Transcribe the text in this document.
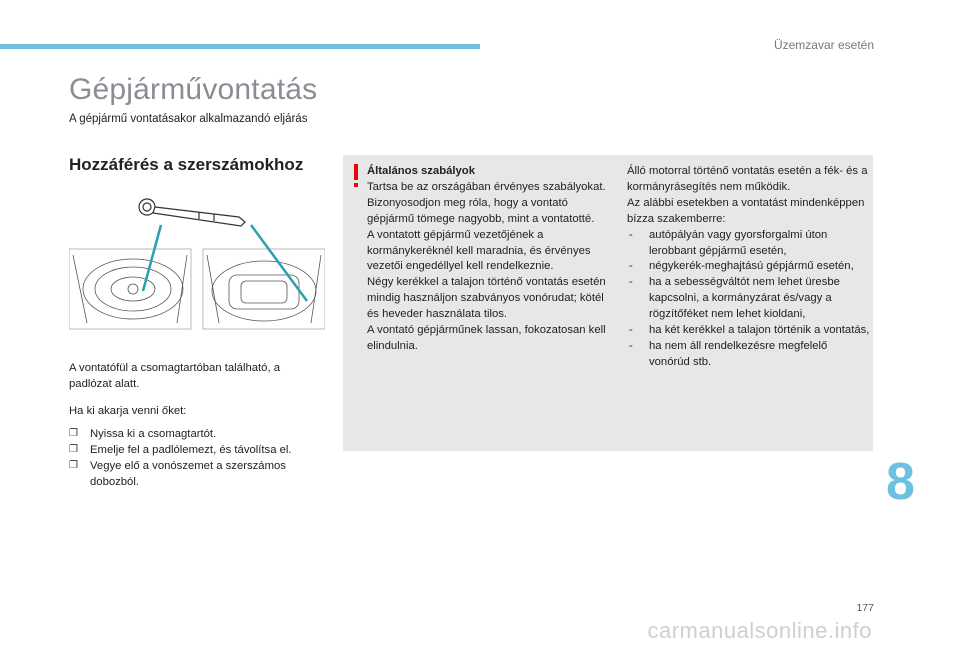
Üzemzavar esetén
Gépjárművontatás
A gépjármű vontatásakor alkalmazandó eljárás
Hozzáférés a szerszámokhoz
A vontatófül a csomagtartóban található, a padlózat alatt.
Ha ki akarja venni őket:
❐ Nyissa ki a csomagtartót.
❐ Emelje fel a padlólemezt, és távolítsa el.
❐ Vegye elő a vonószemet a szerszámos dobozból.
Általános szabályok
Tartsa be az országában érvényes szabályokat.
Bizonyosodjon meg róla, hogy a vontató gépjármű tömege nagyobb, mint a vontatotté.
A vontatott gépjármű vezetőjének a kormánykeréknél kell maradnia, és érvényes vezetői engedéllyel kell rendelkeznie.
Négy kerékkel a talajon történő vontatás esetén mindig használjon szabványos vonórudat; kötél és heveder használata tilos.
A vontató gépjárműnek lassan, fokozatosan kell elindulnia.
Álló motorral történő vontatás esetén a fék- és a kormányrásegítés nem működik.
Az alábbi esetekben a vontatást mindenképpen bízza szakemberre:
- autópályán vagy gyorsforgalmi úton lerobbant gépjármű esetén,
- négykerék-meghajtású gépjármű esetén,
- ha a sebességváltót nem lehet üresbe kapcsolni, a kormányzárat és/vagy a rögzítőféket nem lehet kioldani,
- ha két kerékkel a talajon történik a vontatás,
- ha nem áll rendelkezésre megfelelő vonórúd stb.
8
177
carmanualsonline.info
